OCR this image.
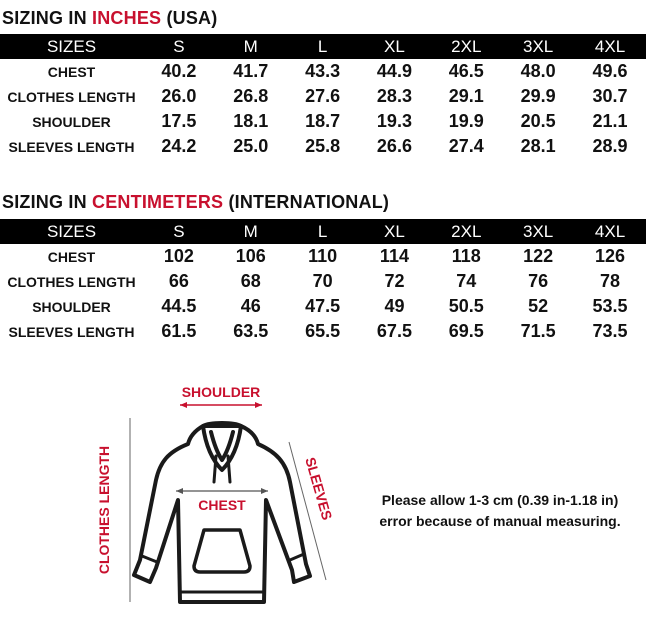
SIZING IN INCHES (USA)
SIZES	S	M	L	XL	2XL	3XL	4XL
CHEST	40.2	41.7	43.3	44.9	46.5	48.0	49.6
CLOTHES LENGTH	26.0	26.8	27.6	28.3	29.1	29.9	30.7
SHOULDER	17.5	18.1	18.7	19.3	19.9	20.5	21.1
SLEEVES LENGTH	24.2	25.0	25.8	26.6	27.4	28.1	28.9
SIZING IN CENTIMETERS (INTERNATIONAL)
SIZES	S	M	L	XL	2XL	3XL	4XL
CHEST	102	106	110	114	118	122	126
CLOTHES LENGTH	66	68	70	72	74	76	78
SHOULDER	44.5	46	47.5	49	50.5	52	53.5
SLEEVES LENGTH	61.5	63.5	65.5	67.5	69.5	71.5	73.5
SHOULDER
CLOTHES LENGTH	SLEEVES
CHEST	Please allow 1-3 cm (0.39 in-1.18 in)
error because of manual measuring.
